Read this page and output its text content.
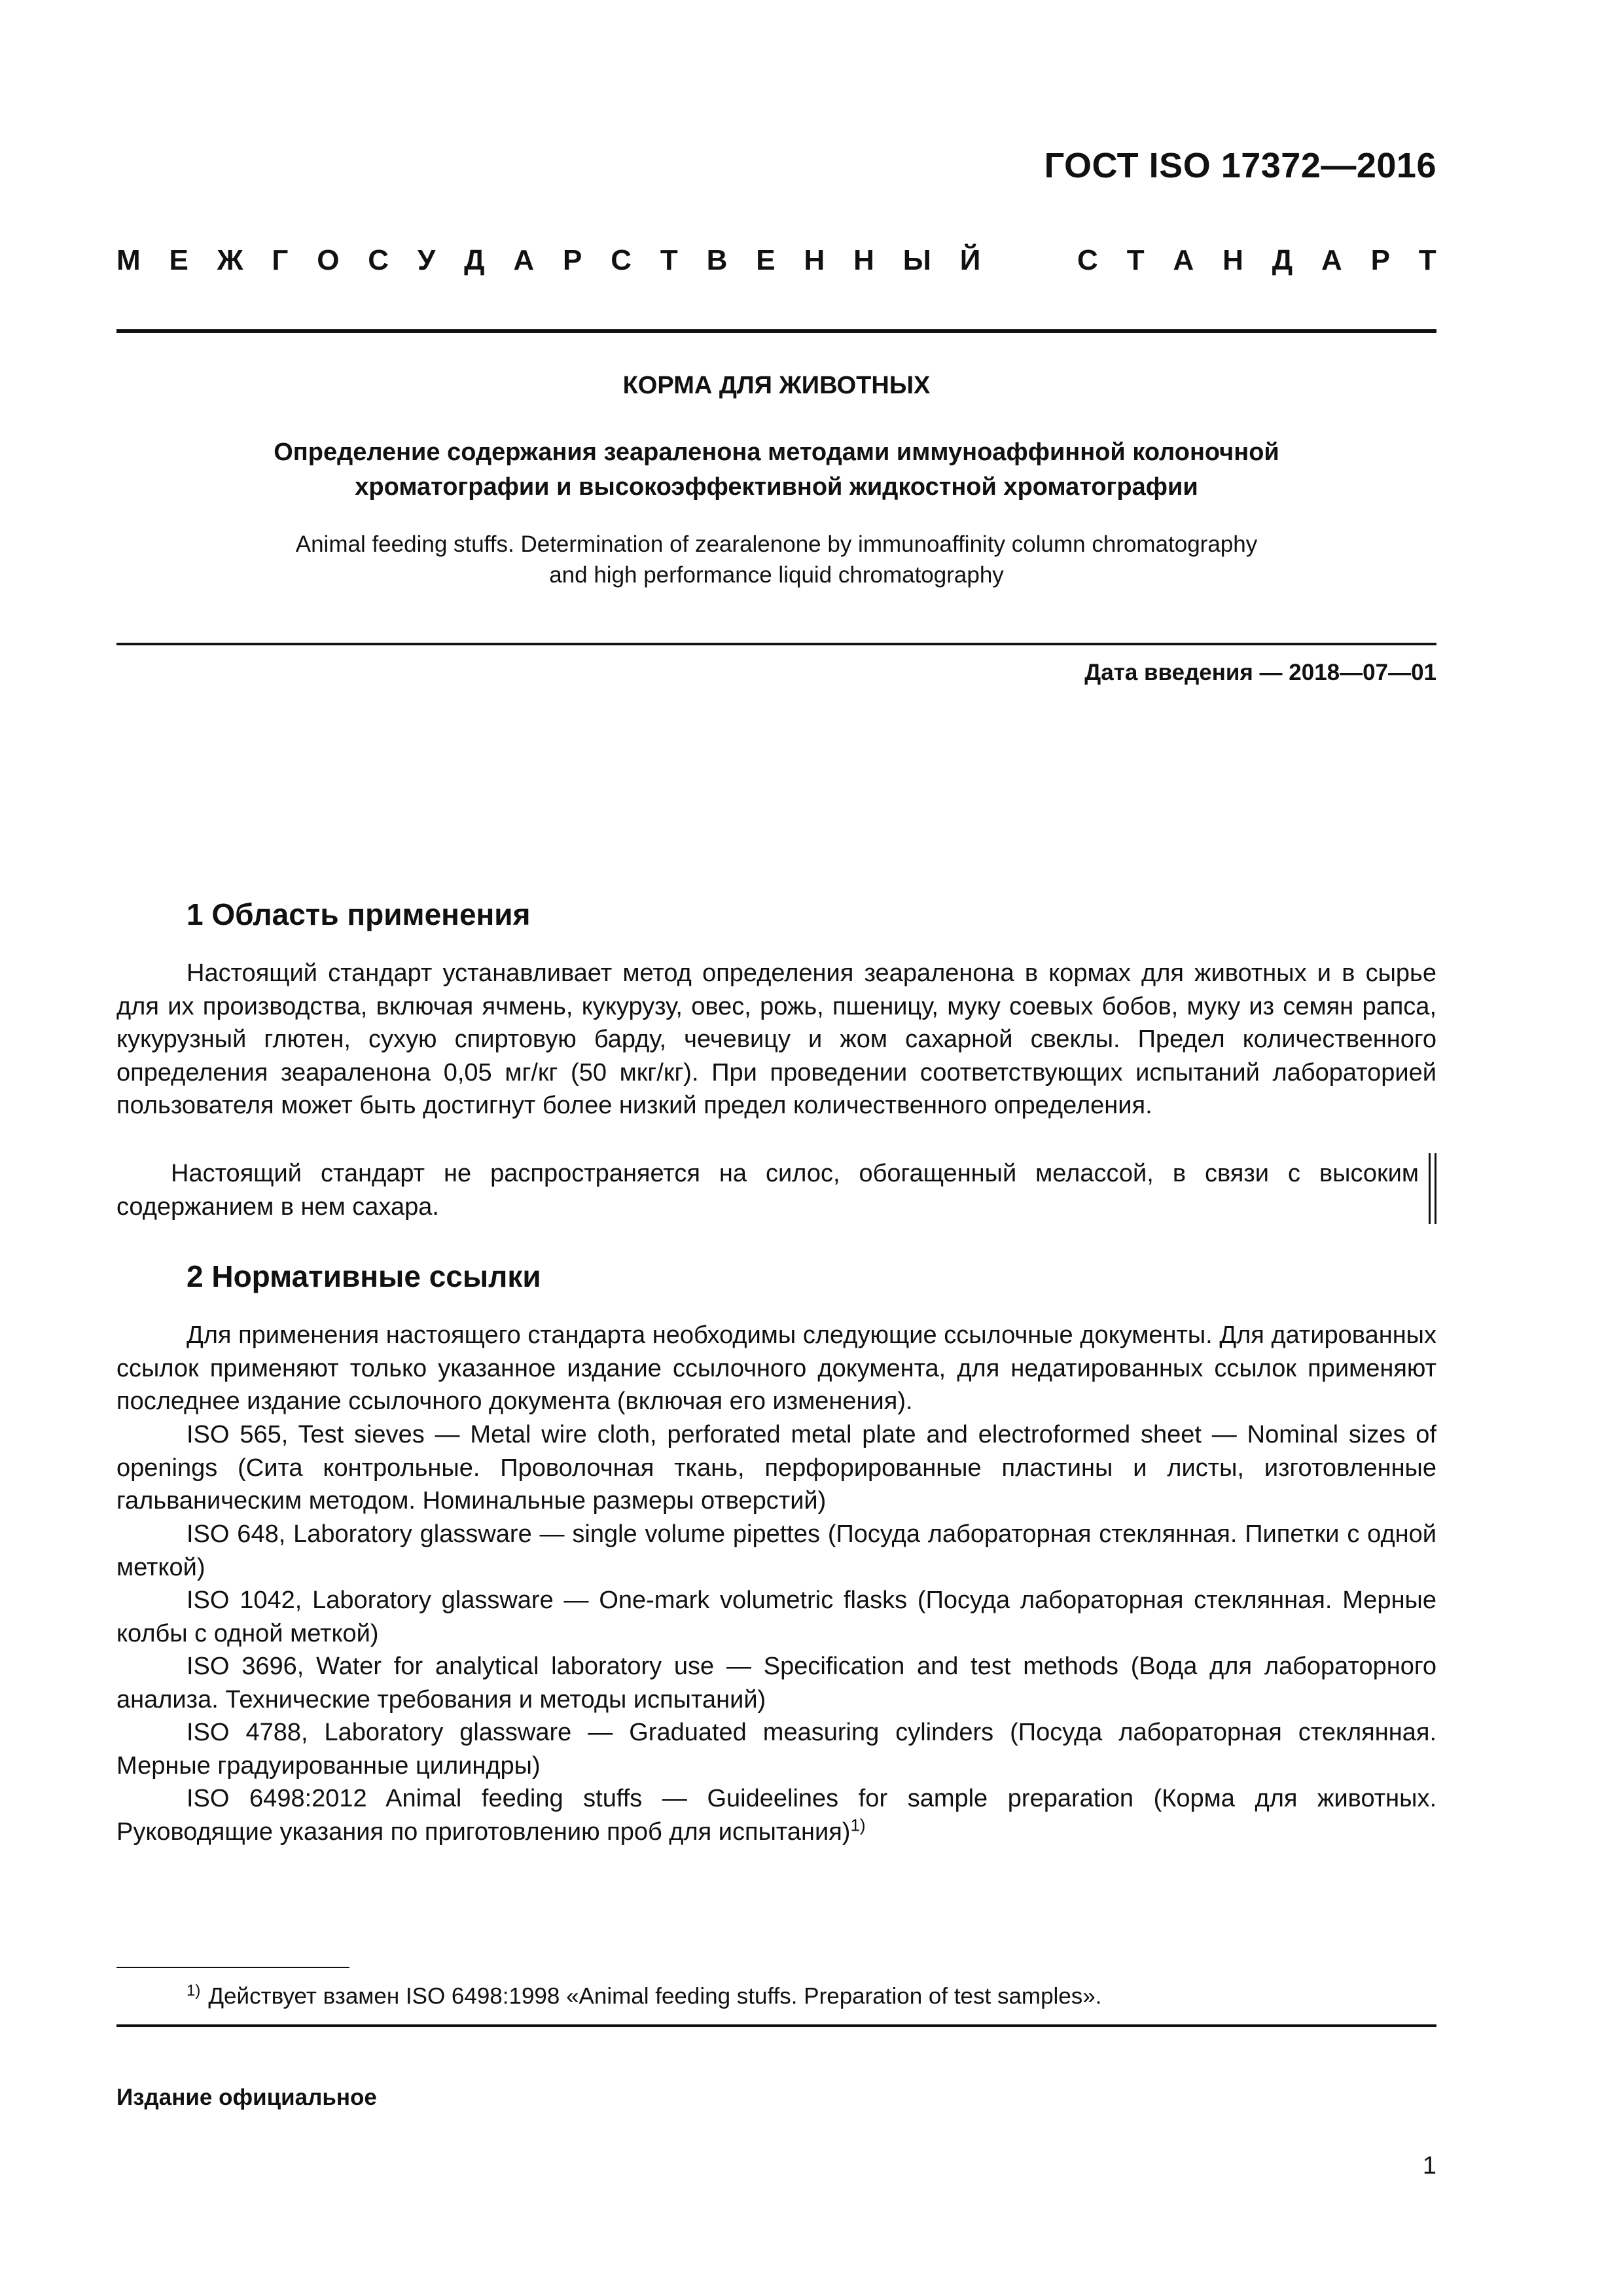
ГОСТ ISO 17372—2016
М Е Ж Г О С У Д А Р С Т В Е Н Н Ы Й	С Т А Н Д А Р Т
КОРМА ДЛЯ ЖИВОТНЫХ
Определение содержания зеараленона методами иммуноаффинной колоночной
хроматографии и высокоэффективной жидкостной хроматографии
Animal feeding stuffs. Determination of zearalenone by immunoaffinity column chromatography
and high performance liquid chromatography
Дата введения — 2018—07—01
1 Область применения
Настоящий стандарт устанавливает метод определения зеараленона в кормах для животных и в сырье для их производства, включая ячмень, кукурузу, овес, рожь, пшеницу, муку соевых бобов, муку из семян рапса, кукурузный глютен, сухую спиртовую барду, чечевицу и жом сахарной свеклы. Предел количественного определения зеараленона 0,05 мг/кг (50 мкг/кг). При проведении соответствующих испытаний лабораторией пользователя может быть достигнут более низкий предел количественного определения.
Настоящий стандарт не распространяется на силос, обогащенный мелассой, в связи с высоким содержанием в нем сахара.
2 Нормативные ссылки
Для применения настоящего стандарта необходимы следующие ссылочные документы. Для датированных ссылок применяют только указанное издание ссылочного документа, для недатированных ссылок применяют последнее издание ссылочного документа (включая его изменения).
ISO 565, Test sieves — Metal wire cloth, perforated metal plate and electroformed sheet — Nominal sizes of openings (Сита контрольные. Проволочная ткань, перфорированные пластины и листы, изготовленные гальваническим методом. Номинальные размеры отверстий)
ISO 648, Laboratory glassware — single volume pipettes (Посуда лабораторная стеклянная. Пипетки с одной меткой)
ISO 1042, Laboratory glassware — One-mark volumetric flasks (Посуда лабораторная стеклянная. Мерные колбы с одной меткой)
ISO 3696, Water for analytical laboratory use — Specification and test methods (Вода для лабораторного анализа. Технические требования и методы испытаний)
ISO 4788, Laboratory glassware — Graduated measuring cylinders (Посуда лабораторная стеклянная. Мерные градуированные цилиндры)
ISO 6498:2012 Animal feeding stuffs — Guideelines for sample preparation (Корма для животных. Руководящие указания по приготовлению проб для испытания)$^{1)}$
$^{1)}$ Действует взамен ISO 6498:1998 «Animal feeding stuffs. Preparation of test samples».
Издание официальное
1
